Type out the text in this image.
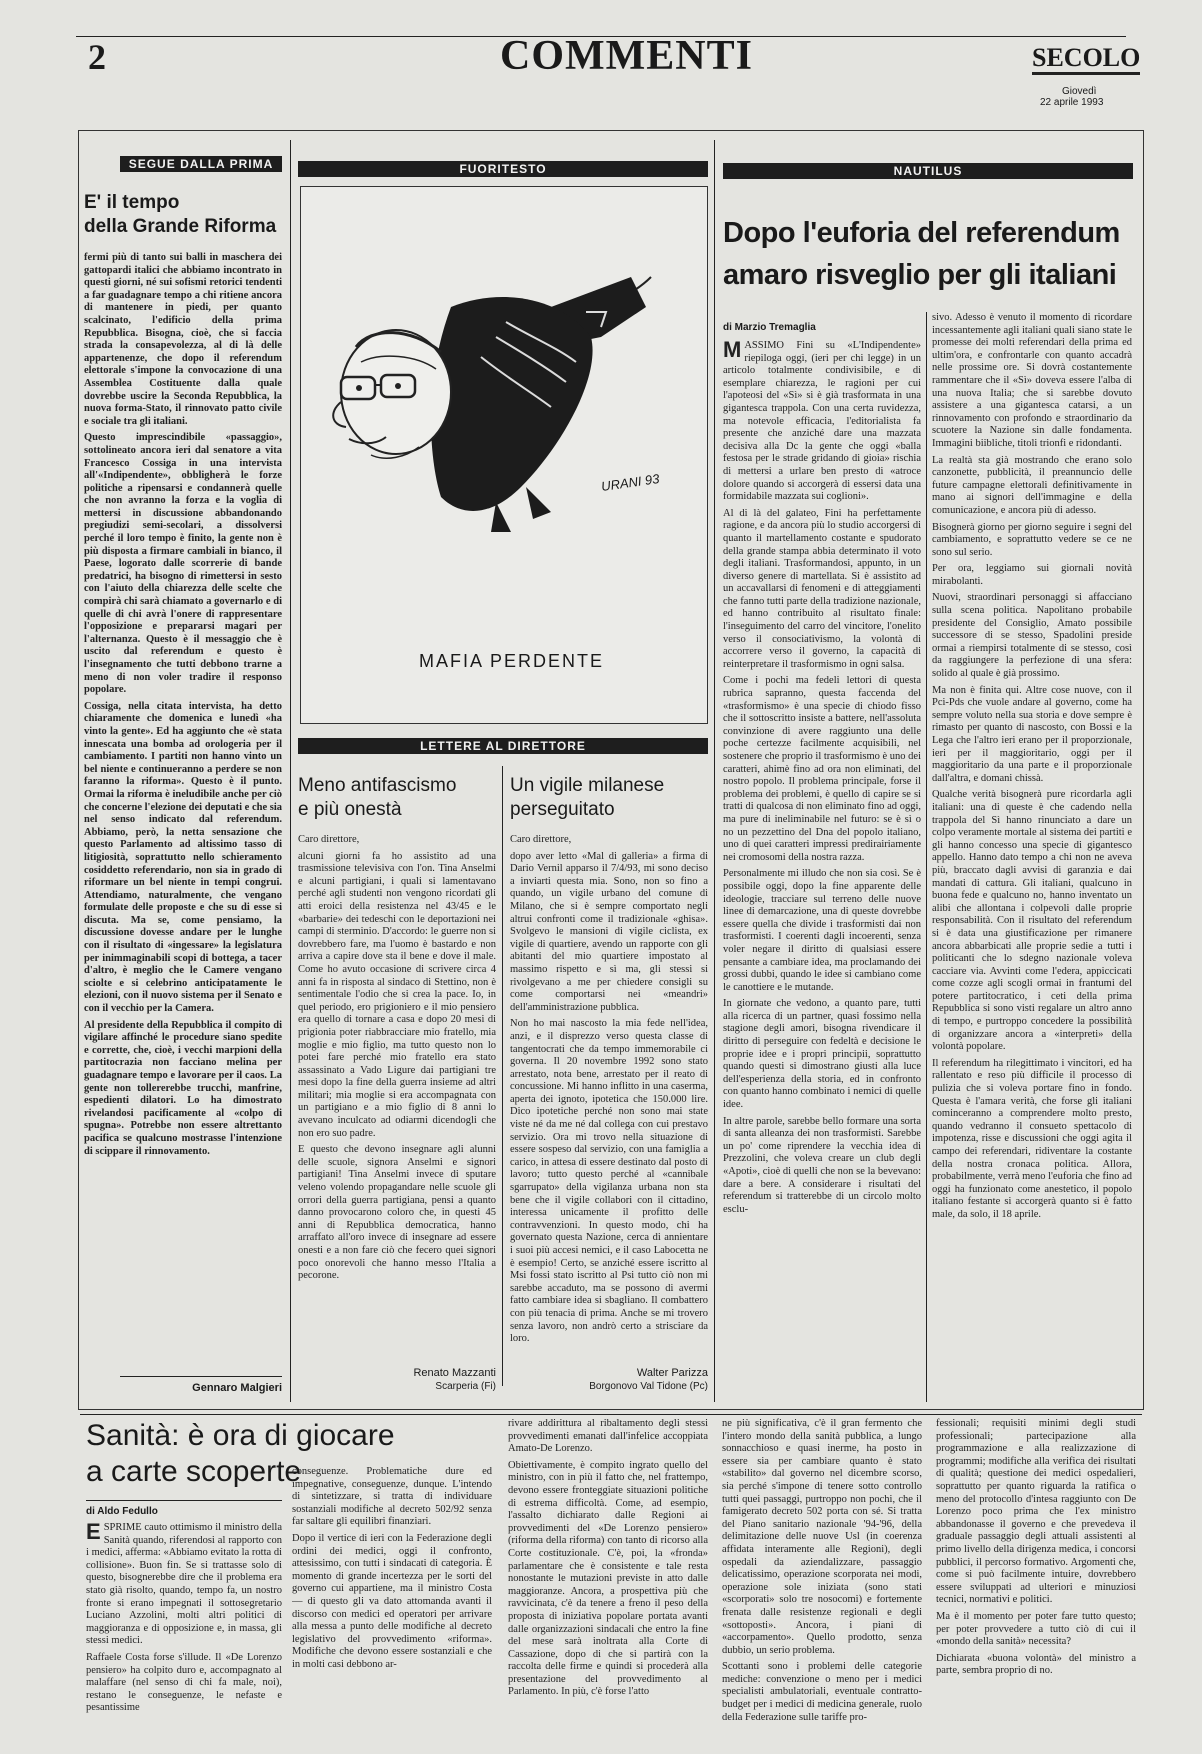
2	COMMENTI	SECOLO
Giovedì
22 aprile 1993
SEGUE DALLA PRIMA
E' il tempo
della Grande Riforma

fermi più di tanto sui balli in maschera dei gattopardi italici che abbiamo incontrato in questi giorni, né sui sofismi retorici tendenti a far guadagnare tempo a chi ritiene ancora di mantenere in piedi, per quanto scalcinato, l'edificio della prima Repubblica. Bisogna, cioè, che si faccia strada la consapevolezza, al di là delle appartenenze, che dopo il referendum elettorale s'impone la convocazione di una Assemblea Costituente dalla quale dovrebbe uscire la Seconda Repubblica, la nuova forma-Stato, il rinnovato patto civile e sociale tra gli italiani.

Questo imprescindibile «passaggio», sottolineato ancora ieri dal senatore a vita Francesco Cossiga in una intervista all'«Indipendente», obbligherà le forze politiche a ripensarsi e condannerà quelle che non avranno la forza e la voglia di mettersi in discussione abbandonando pregiudizi semi-secolari, a dissolversi perché il loro tempo è finito, la gente non è più disposta a firmare cambiali in bianco, il Paese, logorato dalle scorrerie di bande predatrici, ha bisogno di rimettersi in sesto con l'aiuto della chiarezza delle scelte che compirà chi sarà chiamato a governarlo e di quelle di chi avrà l'onere di rappresentare l'opposizione e prepararsi magari per l'alternanza. Questo è il messaggio che è uscito dal referendum e questo è l'insegnamento che tutti debbono trarne a meno di non voler tradire il responso popolare.

Cossiga, nella citata intervista, ha detto chiaramente che domenica e lunedì «ha vinto la gente». Ed ha aggiunto che «è stata innescata una bomba ad orologeria per il cambiamento. I partiti non hanno vinto un bel niente e continueranno a perdere se non faranno la riforma». Questo è il punto. Ormai la riforma è ineludibile anche per ciò che concerne l'elezione dei deputati e che sia nel senso indicato dal referendum. Abbiamo, però, la netta sensazione che questo Parlamento ad altissimo tasso di litigiosità, soprattutto nello schieramento cosiddetto referendario, non sia in grado di riformare un bel niente in tempi congrui. Attendiamo, naturalmente, che vengano formulate delle proposte e che su di esse si discuta. Ma se, come pensiamo, la discussione dovesse andare per le lunghe con il risultato di «ingessare» la legislatura per inimmaginabili scopi di bottega, a tacer d'altro, è meglio che le Camere vengano sciolte e si celebrino anticipatamente le elezioni, con il nuovo sistema per il Senato e con il vecchio per la Camera.

Al presidente della Repubblica il compito di vigilare affinché le procedure siano spedite e corrette, che, cioè, i vecchi marpioni della partitocrazia non facciano melina per guadagnare tempo e lavorare per il caos. La gente non tollererebbe trucchi, manfrine, espedienti dilatori. Lo ha dimostrato rivelandosi pacificamente al «colpo di spugna». Potrebbe non essere altrettanto pacifica se qualcuno mostrasse l'intenzione di scippare il rinnovamento.

Gennaro Malgieri
FUORITESTO
URANI 93
MAFIA PERDENTE
LETTERE AL DIRETTORE
Meno antifascismo
e più onestà

Caro direttore,

alcuni giorni fa ho assistito ad una trasmissione televisiva con l'on. Tina Anselmi e alcuni partigiani, i quali si lamentavano perché agli studenti non vengono ricordati gli atti eroici della resistenza nel 43/45 e le «barbarie» dei tedeschi con le deportazioni nei campi di sterminio. D'accordo: le guerre non si dovrebbero fare, ma l'uomo è bastardo e non arriva a capire dove sta il bene e dove il male. Come ho avuto occasione di scrivere circa 4 anni fa in risposta al sindaco di Stettino, non è sentimentale l'odio che si crea la pace. Io, in quel periodo, ero prigioniero e il mio pensiero era quello di tornare a casa e dopo 20 mesi di prigionia poter riabbracciare mio fratello, mia moglie e mio figlio, ma tutto questo non lo potei fare perché mio fratello era stato assassinato a Vado Ligure dai partigiani tre mesi dopo la fine della guerra insieme ad altri militari; mia moglie si era accompagnata con un partigiano e a mio figlio di 8 anni lo avevano inculcato ad odiarmi dicendogli che non ero suo padre.

E questo che devono insegnare agli alunni delle scuole, signora Anselmi e signori partigiani! Tina Anselmi invece di sputare veleno volendo propagandare nelle scuole gli orrori della guerra partigiana, pensi a quanto danno provocarono coloro che, in questi 45 anni di Repubblica democratica, hanno arraffato all'oro invece di insegnare ad essere onesti e a non fare ciò che fecero quei signori poco onorevoli che hanno messo l'Italia a pecorone.

Renato Mazzanti
Scarperia (Fi)
Un vigile milanese
perseguitato

Caro direttore,

dopo aver letto «Mal di galleria» a firma di Dario Vernil apparso il 7/4/93, mi sono deciso a inviarti questa mia. Sono, non so fino a quando, un vigile urbano del comune di Milano, che si è sempre comportato negli altrui confronti come il tradizionale «ghisa». Svolgevo le mansioni di vigile ciclista, ex vigile di quartiere, avendo un rapporte con gli abitanti del mio quartiere impostato al massimo rispetto e sì ma, gli stessi si rivolgevano a me per chiedere consigli su come comportarsi nei «meandri» dell'amministrazione pubblica.

Non ho mai nascosto la mia fede nell'idea, anzi, e il disprezzo verso questa classe di tangentocrati che da tempo immemorabile ci governa. Il 20 novembre 1992 sono stato arrestato, nota bene, arrestato per il reato di concussione. Mi hanno inflitto in una caserma, aperta dei ignoto, ipotetica che 150.000 lire. Dico ipotetiche perché non sono mai state viste né da me né dal collega con cui prestavo servizio. Ora mi trovo nella situazione di essere sospeso dal servizio, con una famiglia a carico, in attesa di essere destinato dal posto di lavoro; tutto questo perché al «cannibale sgarrupato» della vigilanza urbana non sta bene che il vigile collabori con il cittadino, interessa unicamente il profitto delle contravvenzioni. In questo modo, chi ha governato questa Nazione, cerca di annientare i suoi più accesi nemici, e il caso Labocetta ne è esempio! Certo, se anziché essere iscritto al Msi fossi stato iscritto al Psi tutto ciò non mi sarebbe accaduto, ma se possono di avermi fatto cambiare idea si sbagliano. Il combattero con più tenacia di prima. Anche se mi trovero senza lavoro, non andrò certo a strisciare da loro.

Walter Parizza
Borgonovo Val Tidone (Pc)
NAUTILUS
Dopo l'euforia del referendum
amaro risveglio per gli italiani
di Marzio Tremaglia

MASSIMO Fini su «L'Indipendente» riepiloga oggi, (ieri per chi legge) in un articolo totalmente condivisibile, e di esemplare chiarezza, le ragioni per cui l'apoteosi del «Sì» si è già trasformata in una gigantesca trappola. Con una certa ruvidezza, ma notevole efficacia, l'editorialista fa presente che anziché dare una mazzata decisiva alla Dc la gente che oggi «balla festosa per le strade gridando di gioia» rischia di mettersi a urlare ben presto di «atroce dolore quando si accorgerà di essersi data una formidabile mazzata sui coglioni».

Al di là del galateo, Fini ha perfettamente ragione, e da ancora più lo studio accorgersi di quanto il martellamento costante e spudorato della grande stampa abbia determinato il voto degli italiani. Trasformandosi, appunto, in un diverso genere di martellata. Si è assistito ad un accavallarsi di fenomeni e di atteggiamenti che fanno tutti parte della tradizione nazionale, ed hanno contribuito al risultato finale: l'inseguimento del carro del vincitore, l'onelito verso il consociativismo, la volontà di accorrere verso il governo, la capacità di reinterpretare il trasformismo in ogni salsa.

Come i pochi ma fedeli lettori di questa rubrica sapranno, questa faccenda del «trasformismo» è una specie di chiodo fisso che il sottoscritto insiste a battere, nell'assoluta convinzione di avere raggiunto una delle poche certezze facilmente acquisibili, nel sostenere che proprio il trasformismo è uno dei caratteri, ahimè fino ad ora non eliminati, del nostro popolo. Il problema principale, forse il problema dei problemi, è quello di capire se si tratti di qualcosa di non eliminato fino ad oggi, ma pure di ineliminabile nel futuro: se è sì o no un pezzettino del Dna del popolo italiano, uno di quei caratteri impressi predirairiamente nei cromosomi della nostra razza.

Personalmente mi illudo che non sia così. Se è possibile oggi, dopo la fine apparente delle ideologie, tracciare sul terreno delle nuove linee di demarcazione, una di queste dovrebbe essere quella che divide i trasformisti dai non trasformisti. I coerenti dagli incoerenti, senza voler negare il diritto di qualsiasi essere pensante a cambiare idea, ma proclamando dei grossi dubbi, quando le idee si cambiano come le canottiere e le mutande.

In giornate che vedono, a quanto pare, tutti alla ricerca di un partner, quasi fossimo nella stagione degli amori, bisogna rivendicare il diritto di perseguire con fedeltà e decisione le proprie idee e i propri principii, soprattutto quando questi si dimostrano giusti alla luce dell'esperienza della storia, ed in confronto con quanto hanno combinato i nemici di quelle idee.

In altre parole, sarebbe bello formare una sorta di santa alleanza dei non trasformisti. Sarebbe un po' come riprendere la vecchia idea di Prezzolini, che voleva creare un club degli «Apoti», cioè di quelli che non se la bevevano: dare a bere. A considerare i risultati del referendum si tratterebbe di un circolo molto esclu-

sivo. Adesso è venuto il momento di ricordare incessantemente agli italiani quali siano state le promesse dei molti referendari della prima ed ultim'ora, e confrontarle con quanto accadrà nelle prossime ore. Si dovrà costantemente rammentare che il «Sì» doveva essere l'alba di una nuova Italia; che si sarebbe dovuto assistere a una gigantesca catarsi, a un rinnovamento con profondo e straordinario da scuotere la Nazione sin dalle fondamenta. Immagini biibliche, titoli trionfi e ridondanti.

La realtà sta già mostrando che erano solo canzonette, pubblicità, il preannuncio delle future campagne elettorali definitivamente in mano ai signori dell'immagine e della comunicazione, e ancora più di adesso.

Bisognerà giorno per giorno seguire i segni del cambiamento, e soprattutto vedere se ce ne sono sul serio.

Per ora, leggiamo sui giornali novità mirabolanti.

Nuovi, straordinari personaggi si affacciano sulla scena politica. Napolitano probabile presidente del Consiglio, Amato possibile successore di se stesso, Spadolini preside ormai a riempirsi totalmente di se stesso, così da raggiungere la perfezione di una sfera: solido al quale è già prossimo.

Ma non è finita qui. Altre cose nuove, con il Pci-Pds che vuole andare al governo, come ha sempre voluto nella sua storia e dove sempre è rimasto per quanto di nascosto, con Bossi e la Lega che l'altro ieri erano per il proporzionale, ieri per il maggioritario, oggi per il maggioritario da una parte e il proporzionale dall'altra, e domani chissà.

Qualche verità bisognerà pure ricordarla agli italiani: una di queste è che cadendo nella trappola del Sì hanno rinunciato a dare un colpo veramente mortale al sistema dei partiti e gli hanno concesso una specie di gigantesco appello. Hanno dato tempo a chi non ne aveva più, braccato dagli avvisi di garanzia e dai mandati di cattura. Gli italiani, qualcuno in buona fede e qualcuno no, hanno inventato un alibi che allontana i colpevoli dalle proprie responsabilità. Con il risultato del referendum si è data una giustificazione per rimanere ancora abbarbicati alle proprie sedie a tutti i politicanti che lo sdegno nazionale voleva cacciare via. Avvinti come l'edera, appiccicati come cozze agli scogli ormai in frantumi del potere partitocratico, i ceti della prima Repubblica si sono visti regalare un altro anno di tempo, e purtroppo concedere la possibilità di organizzare ancora a «interpreti» della volontà popolare.

Il referendum ha rilegittimato i vincitori, ed ha rallentato e reso più difficile il processo di pulizia che si voleva portare fino in fondo. Questa è l'amara verità, che forse gli italiani cominceranno a comprendere molto presto, quando vedranno il consueto spettacolo di impotenza, risse e discussioni che oggi agita il campo dei referendari, ridiventare la costante della nostra cronaca politica. Allora, probabilmente, verrà meno l'euforia che fino ad oggi ha funzionato come anestetico, il popolo italiano festante si accorgerà quanto si è fatto male, da solo, il 18 aprile.

Sanità: è ora di giocare
a carte scoperte
di Aldo Fedullo

ESPRIME cauto ottimismo il ministro della Sanità quando, riferendosi al rapporto con i medici, afferma: «Abbiamo evitato la rotta di collisione». Buon fin. Se si trattasse solo di questo, bisognerebbe dire che il problema era stato già risolto, quando, tempo fa, un nostro fronte si erano impegnati il sottosegretario Luciano Azzolini, molti altri politici di maggioranza e di opposizione e, in massa, gli stessi medici.

Raffaele Costa forse s'illude. Il «De Lorenzo pensiero» ha colpito duro e, accompagnato al malaffare (nel senso di chi fa male, noi), restano le conseguenze, le nefaste e pesantissime

conseguenze. Problematiche dure ed impegnative, conseguenze, dunque. L'intendo di sintetizzare, si tratta di individuare sostanziali modifiche al decreto 502/92 senza far saltare gli equilibri finanziari.

Dopo il vertice di ieri con la Federazione degli ordini dei medici, oggi il confronto, attesissimo, con tutti i sindacati di categoria. È momento di grande incertezza per le sorti del governo cui appartiene, ma il ministro Costa — di questo gli va dato attomanda avanti il discorso con medici ed operatori per arrivare alla messa a punto delle modifiche al decreto legislativo del provvedimento «riforma». Modifiche che devono essere sostanziali e che in molti casi debbono ar-

rivare addirittura al ribaltamento degli stessi provvedimenti emanati dall'infelice accoppiata Amato-De Lorenzo.

Obiettivamente, è compito ingrato quello del ministro, con in più il fatto che, nel frattempo, devono essere fronteggiate situazioni politiche di estrema difficoltà. Come, ad esempio, l'assalto dichiarato dalle Regioni ai provvedimenti del «De Lorenzo pensiero» (riforma della riforma) con tanto di ricorso alla Corte costituzionale. C'è, poi, la «fronda» parlamentare che è consistente e tale resta nonostante le mutazioni previste in atto dalle maggioranze. Ancora, a prospettiva più che ravvicinata, c'è da tenere a freno il peso della proposta di iniziativa popolare portata avanti dalle organizzazioni sindacali che entro la fine del mese sarà inoltrata alla Corte di Cassazione, dopo di che si partirà con la raccolta delle firme e quindi si procederà alla presentazione del provvedimento al Parlamento. In più, c'è forse l'atto

ne più significativa, c'è il gran fermento che l'intero mondo della sanità pubblica, a lungo sonnacchioso e quasi inerme, ha posto in essere sia per cambiare quanto è stato «stabilito» dal governo nel dicembre scorso, sia perché s'impone di tenere sotto controllo tutti quei passaggi, purtroppo non pochi, che il famigerato decreto 502 porta con sé. Si tratta del Piano sanitario nazionale '94-'96, della delimitazione delle nuove Usl (in coerenza affidata interamente alle Regioni), degli ospedali da aziendalizzare, passaggio delicatissimo, operazione scorporata nei modi, operazione sole iniziata (sono stati «scorporati» solo tre nosocomi) e fortemente frenata dalle resistenze regionali e degli «sottoposti». Ancora, i piani di «accorpamento». Quello prodotto, senza dubbio, un serio problema.

Scottanti sono i problemi delle categorie mediche: convenzione o meno per i medici specialisti ambulatoriali, eventuale contratto-budget per i medici di medicina generale, ruolo della Federazione sulle tariffe pro-

fessionali; requisiti minimi degli studi professionali; partecipazione alla programmazione e alla realizzazione di programmi; modifiche alla verifica dei risultati di qualità; questione dei medici ospedalieri, soprattutto per quanto riguarda la ratifica o meno del protocollo d'intesa raggiunto con De Lorenzo poco prima che l'ex ministro abbandonasse il governo e che prevedeva il graduale passaggio degli attuali assistenti al primo livello della dirigenza medica, i concorsi pubblici, il percorso formativo. Argomenti che, come si può facilmente intuire, dovrebbero essere sviluppati ad ulteriori e minuziosi tecnici, normativi e politici.

Ma è il momento per poter fare tutto questo; per poter provvedere a tutto ciò di cui il «mondo della sanità» necessita?

Dichiarata «buona volontà» del ministro a parte, sembra proprio di no.
